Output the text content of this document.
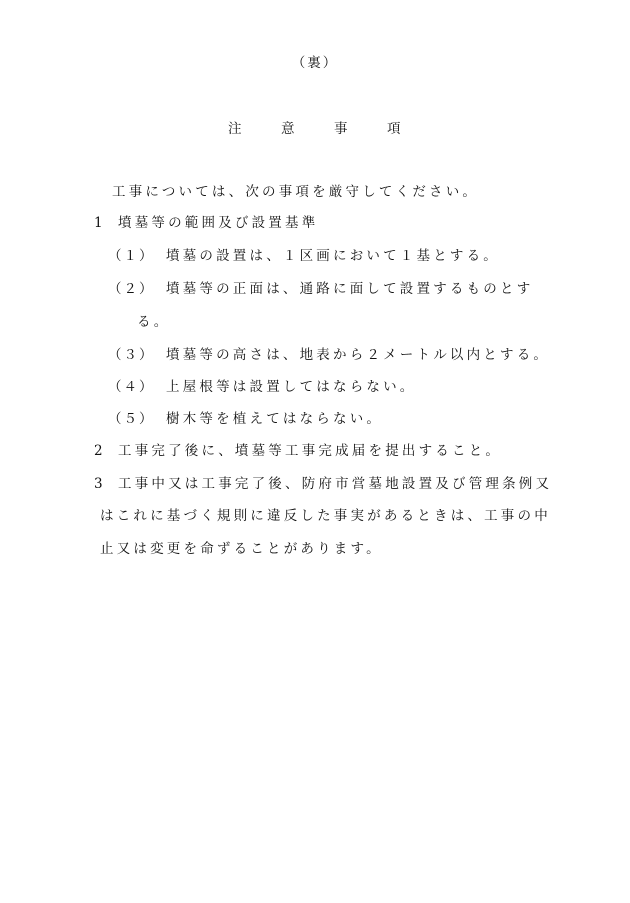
（裏）
注	意	事	項
工事については、次の事項を厳守してください。
1 墳墓等の範囲及び設置基準
（１） 墳墓の設置は、１区画において１基とする。
（２） 墳墓等の正面は、通路に面して設置するものとす
る。
（３） 墳墓等の高さは、地表から２メートル以内とする。
（４） 上屋根等は設置してはならない。
（５） 樹木等を植えてはならない。
2 工事完了後に、墳墓等工事完成届を提出すること。
3 工事中又は工事完了後、防府市営墓地設置及び管理条例又
はこれに基づく規則に違反した事実があるときは、工事の中
止又は変更を命ずることがあります。
